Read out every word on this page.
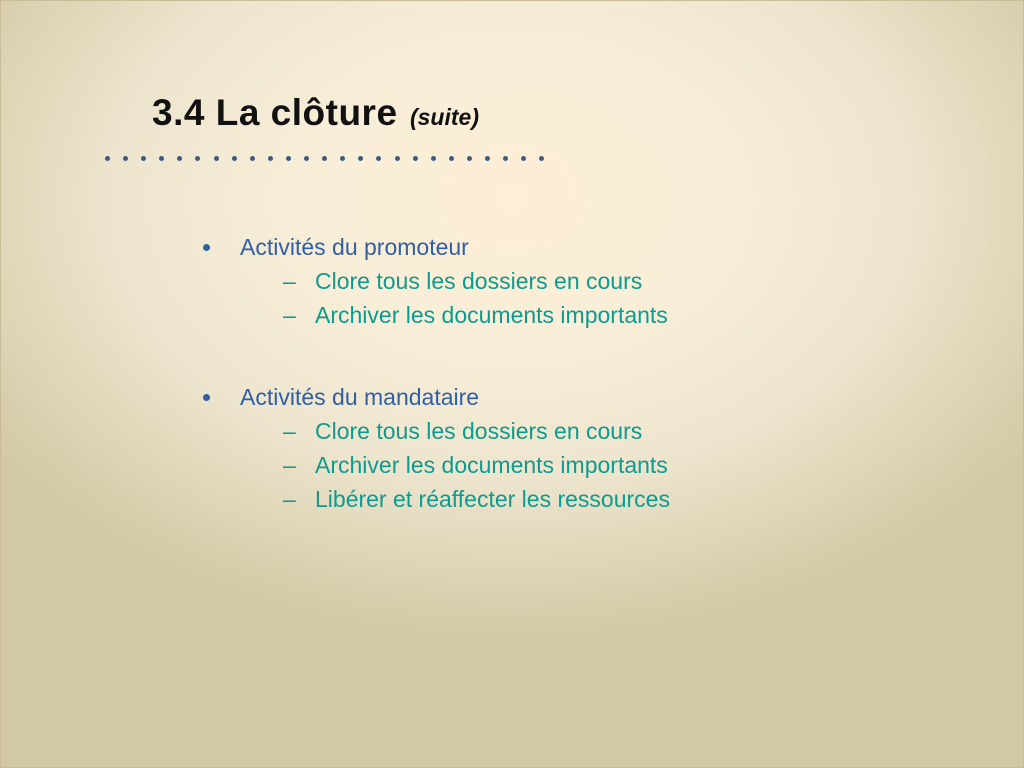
3.4 La clôture (suite)
Activités du promoteur
– Clore tous les dossiers en cours
– Archiver les documents importants
Activités du mandataire
– Clore tous les dossiers en cours
– Archiver les documents importants
– Libérer et réaffecter les ressources
